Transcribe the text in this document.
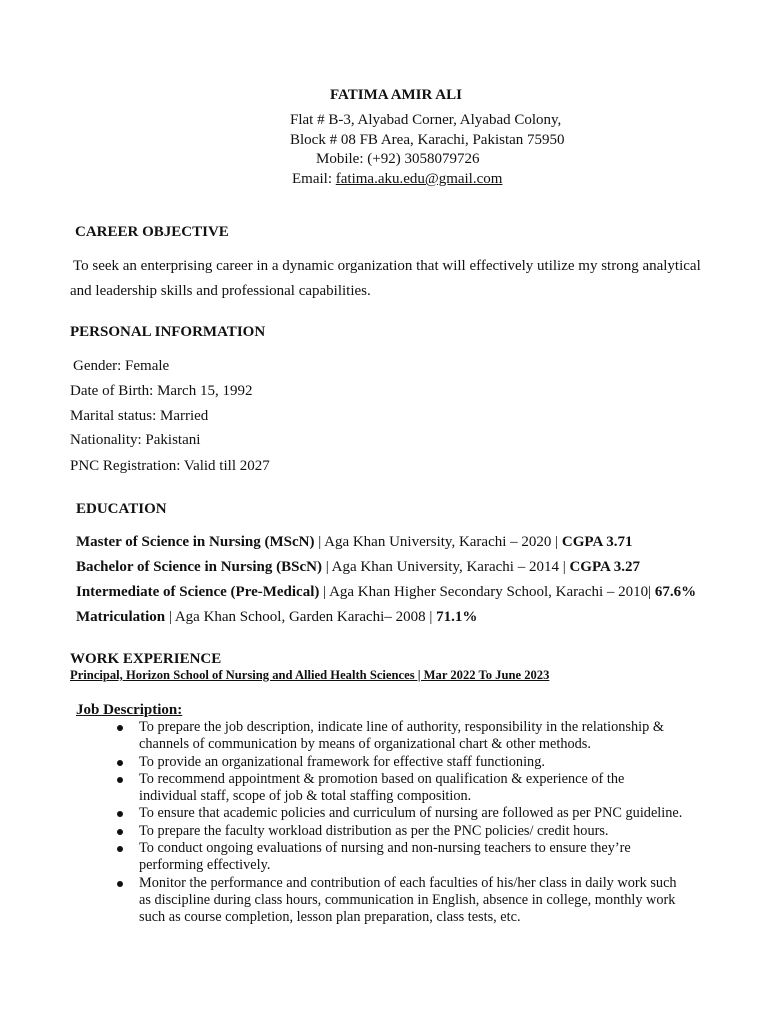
FATIMA AMIR ALI
Flat # B-3, Alyabad Corner, Alyabad Colony,
Block # 08 FB Area, Karachi, Pakistan 75950
Mobile: (+92) 3058079726
Email: fatima.aku.edu@gmail.com
CAREER OBJECTIVE
To seek an enterprising career in a dynamic organization that will effectively utilize my strong analytical
and leadership skills and professional capabilities.
PERSONAL INFORMATION
Gender: Female
Date of Birth: March 15, 1992
Marital status: Married
Nationality: Pakistani
PNC Registration: Valid till 2027
EDUCATION
Master of Science in Nursing (MScN) | Aga Khan University, Karachi – 2020 | CGPA 3.71
Bachelor of Science in Nursing (BScN) | Aga Khan University, Karachi – 2014 | CGPA 3.27
Intermediate of Science (Pre-Medical) | Aga Khan Higher Secondary School, Karachi – 2010| 67.6%
Matriculation | Aga Khan School, Garden Karachi– 2008 | 71.1%
WORK EXPERIENCE
Principal, Horizon School of Nursing and Allied Health Sciences | Mar 2022 To June 2023
Job Description:
To prepare the job description, indicate line of authority, responsibility in the relationship &
channels of communication by means of organizational chart & other methods.
To provide an organizational framework for effective staff functioning.
To recommend appointment & promotion based on qualification & experience of the
individual staff, scope of job & total staffing composition.
To ensure that academic policies and curriculum of nursing are followed as per PNC guideline.
To prepare the faculty workload distribution as per the PNC policies/ credit hours.
To conduct ongoing evaluations of nursing and non-nursing teachers to ensure they’re
performing effectively.
Monitor the performance and contribution of each faculties of his/her class in daily work such
as discipline during class hours, communication in English, absence in college, monthly work
such as course completion, lesson plan preparation, class tests, etc.
